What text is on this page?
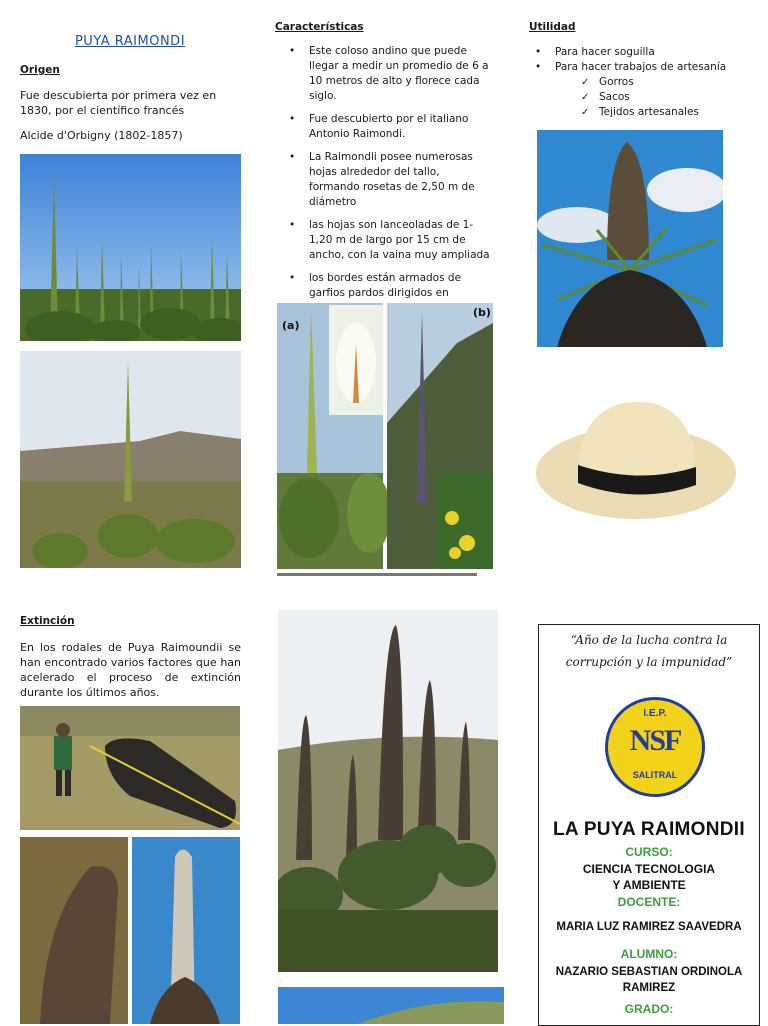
PUYA RAIMONDI
Origen
Fue descubierta por primera vez en 1830, por el científico francés
Alcide d'Orbigny (1802-1857)
Extinción
En los rodales de Puya Raimoundii se han encontrado varios factores que han acelerado el proceso de extinción durante los últimos años.
Características
• Este coloso andino que puede llegar a medir un promedio de 6 a 10 metros de alto y florece cada siglo.
• Fue descubierto por el italiano Antonio Raimondi.
• La Raimondii posee numerosas hojas alrededor del tallo, formando rosetas de 2,50 m de diámetro
• las hojas son lanceoladas de 1-1,20 m de largo por 15 cm de ancho, con la vaina muy ampliada
• los bordes están armados de garfios pardos dirigidos en
(a)
(b)
Utilidad
• Para hacer soguilla
• Para hacer trabajos de artesanía
✓ Gorros
✓ Sacos
✓ Tejidos artesanales
“Año de la lucha contra la corrupción y la impunidad”
I.E.P.
NSF
SALITRAL
LA PUYA RAIMONDII
CURSO:
CIENCIA TECNOLOGIA Y AMBIENTE
DOCENTE:
MARIA LUZ RAMIREZ SAAVEDRA
ALUMNO:
NAZARIO SEBASTIAN ORDINOLA RAMIREZ
GRADO:
